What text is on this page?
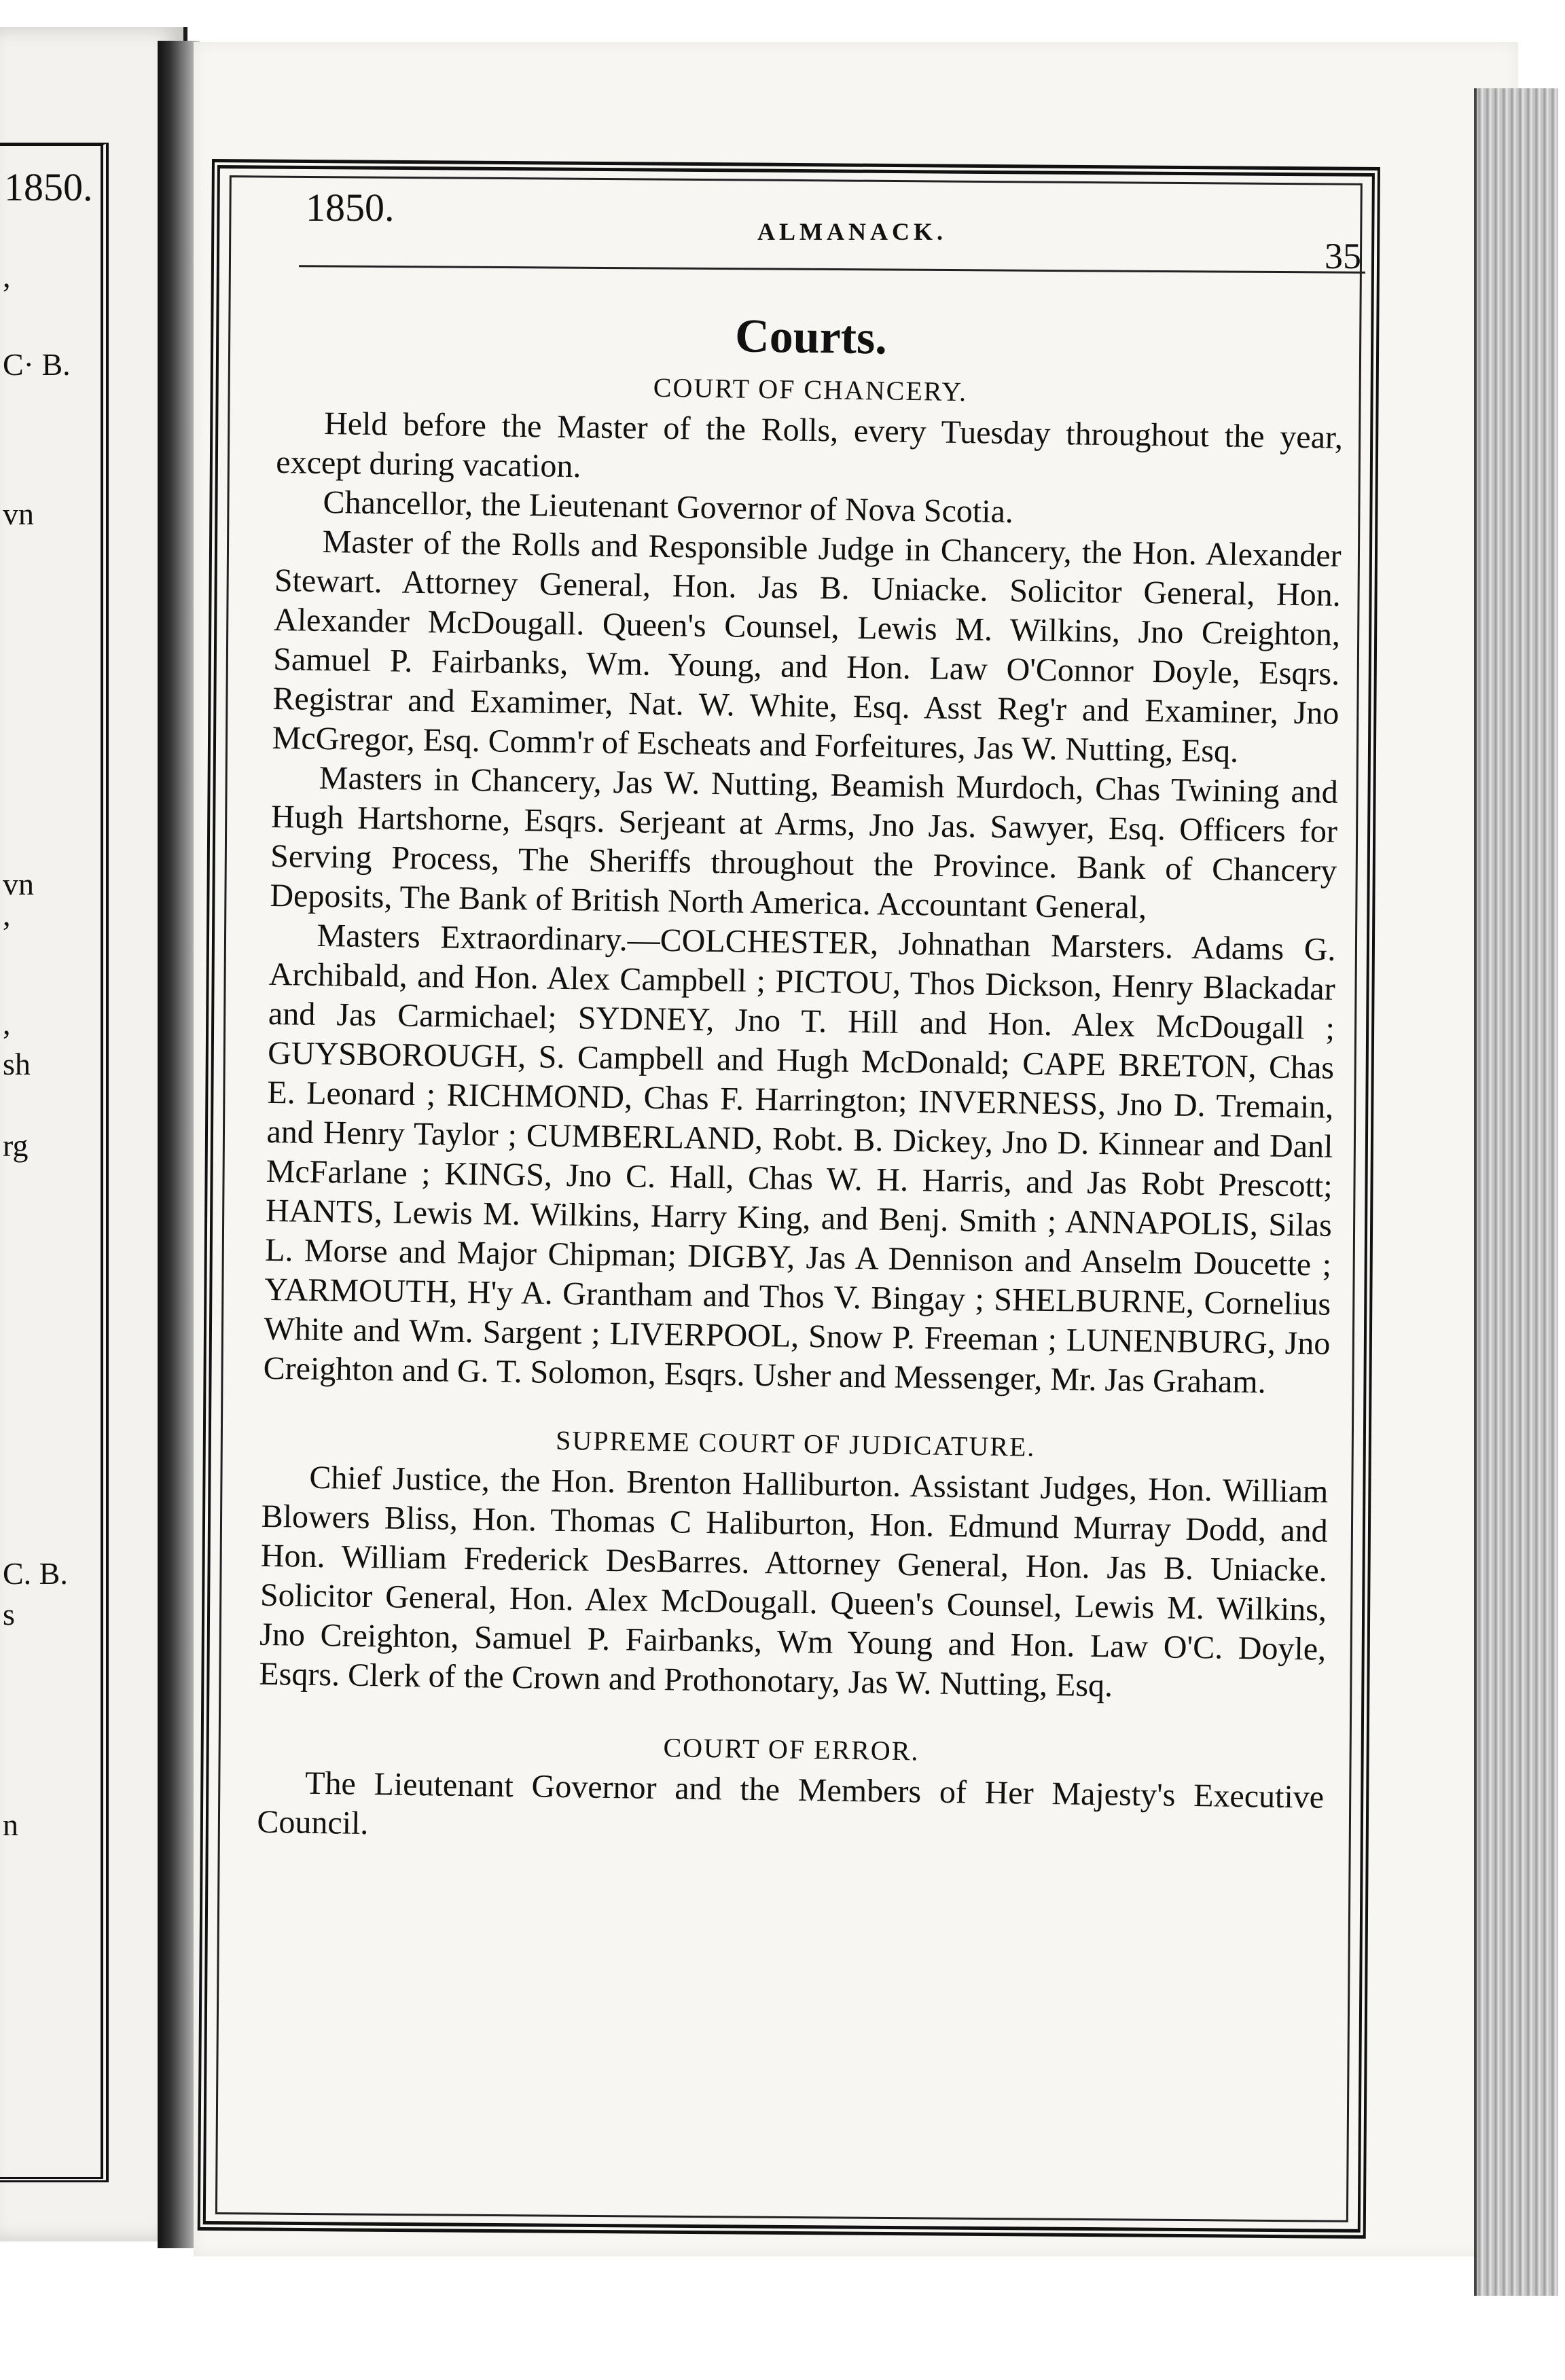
1850.
,
C· B.
vn
vn
,
,
sh
rg
C. B.
s
n
1850.
ALMANACK.
35
Courts.
COURT OF CHANCERY.

Held before the Master of the Rolls, every Tuesday throughout the year, except during vacation.

Chancellor, the Lieutenant Governor of Nova Scotia.

Master of the Rolls and Responsible Judge in Chancery, the Hon. Alexander Stewart. Attorney General, Hon. Jas B. Uniacke. Solicitor General, Hon. Alexander McDougall. Queen's Counsel, Lewis M. Wilkins, Jno Creighton, Samuel P. Fairbanks, Wm. Young, and Hon. Law O'Connor Doyle, Esqrs. Registrar and Examimer, Nat. W. White, Esq. Asst Reg'r and Examiner, Jno McGregor, Esq. Comm'r of Escheats and Forfeitures, Jas W. Nutting, Esq.

Masters in Chancery, Jas W. Nutting, Beamish Murdoch, Chas Twining and Hugh Hartshorne, Esqrs. Serjeant at Arms, Jno Jas. Sawyer, Esq. Officers for Serving Process, The Sheriffs throughout the Province. Bank of Chancery Deposits, The Bank of British North America. Accountant General,

Masters Extraordinary.—COLCHESTER, Johnathan Marsters. Adams G. Archibald, and Hon. Alex Campbell ; PICTOU, Thos Dickson, Henry Blackadar and Jas Carmichael; SYDNEY, Jno T. Hill and Hon. Alex McDougall ; GUYSBOROUGH, S. Campbell and Hugh McDonald; CAPE BRETON, Chas E. Leonard ; RICHMOND, Chas F. Harrington; INVERNESS, Jno D. Tremain, and Henry Taylor ; CUMBERLAND, Robt. B. Dickey, Jno D. Kinnear and Danl McFarlane ; KINGS, Jno C. Hall, Chas W. H. Harris, and Jas Robt Prescott; HANTS, Lewis M. Wilkins, Harry King, and Benj. Smith ; ANNAPOLIS, Silas L. Morse and Major Chipman; DIGBY, Jas A Dennison and Anselm Doucette ; YARMOUTH, H'y A. Grantham and Thos V. Bingay ; SHELBURNE, Cornelius White and Wm. Sargent ; LIVERPOOL, Snow P. Freeman ; LUNENBURG, Jno Creighton and G. T. Solomon, Esqrs. Usher and Messenger, Mr. Jas Graham.

SUPREME COURT OF JUDICATURE.

Chief Justice, the Hon. Brenton Halliburton. Assistant Judges, Hon. William Blowers Bliss, Hon. Thomas C Haliburton, Hon. Edmund Murray Dodd, and Hon. William Frederick DesBarres. Attorney General, Hon. Jas B. Uniacke. Solicitor General, Hon. Alex McDougall. Queen's Counsel, Lewis M. Wilkins, Jno Creighton, Samuel P. Fairbanks, Wm Young and Hon. Law O'C. Doyle, Esqrs. Clerk of the Crown and Prothonotary, Jas W. Nutting, Esq.

COURT OF ERROR.

The Lieutenant Governor and the Members of Her Majesty's Executive Council.
